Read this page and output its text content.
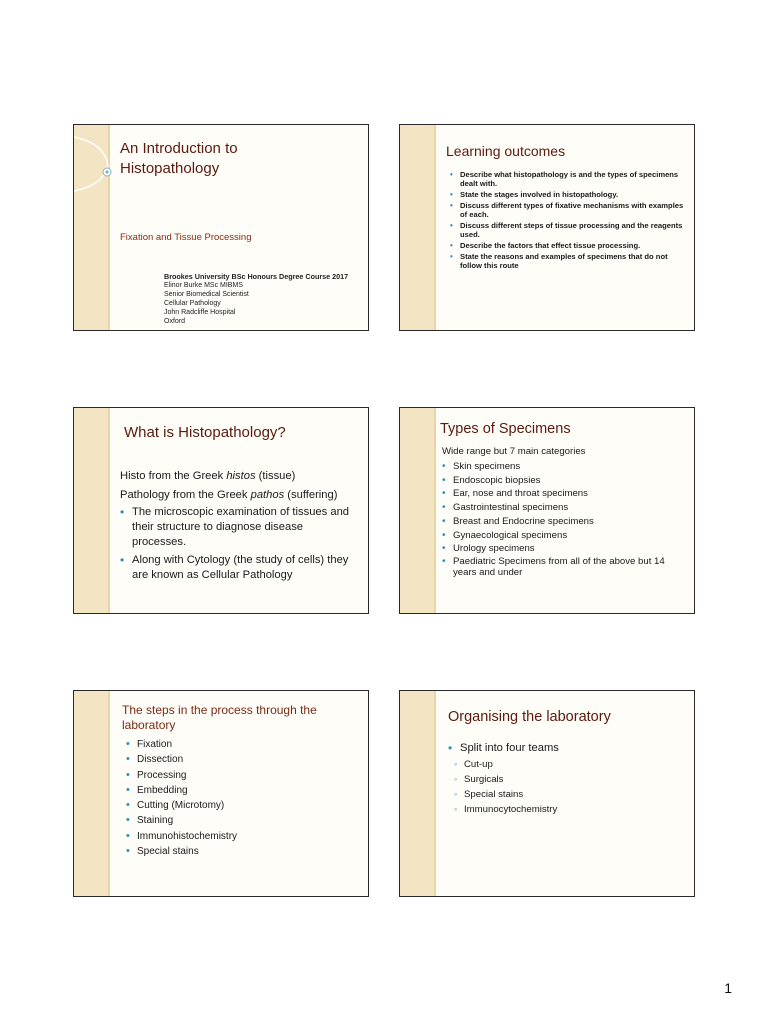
An Introduction to
Histopathology
Fixation and Tissue Processing
Brookes University BSc Honours Degree Course 2017
Elinor Burke MSc MIBMS
Senior Biomedical Scientist
Cellular Pathology
John Radcliffe Hospital
Oxford
Learning outcomes
• Describe what histopathology is and the types of specimens dealt with.
• State the stages involved in histopathology.
• Discuss different types of fixative mechanisms with examples of each.
• Discuss different steps of tissue processing and the reagents used.
• Describe the factors that effect tissue processing.
• State the reasons and examples of specimens that do not follow this route
What is Histopathology?
Histo from the Greek histos (tissue)
Pathology from the Greek pathos (suffering)
• The microscopic examination of tissues and their structure to diagnose disease processes.
• Along with Cytology (the study of cells) they are known as Cellular Pathology
Types of Specimens
Wide range but 7 main categories
• Skin specimens
• Endoscopic biopsies
• Ear, nose and throat specimens
• Gastrointestinal specimens
• Breast and Endocrine specimens
• Gynaecological specimens
• Urology specimens
• Paediatric Specimens from all of the above but 14 years and under
The steps in the process through the laboratory
• Fixation
• Dissection
• Processing
• Embedding
• Cutting (Microtomy)
• Staining
• Immunohistochemistry
• Special stains
Organising the laboratory
• Split into four teams
◦ Cut-up
◦ Surgicals
◦ Special stains
◦ Immunocytochemistry
1
